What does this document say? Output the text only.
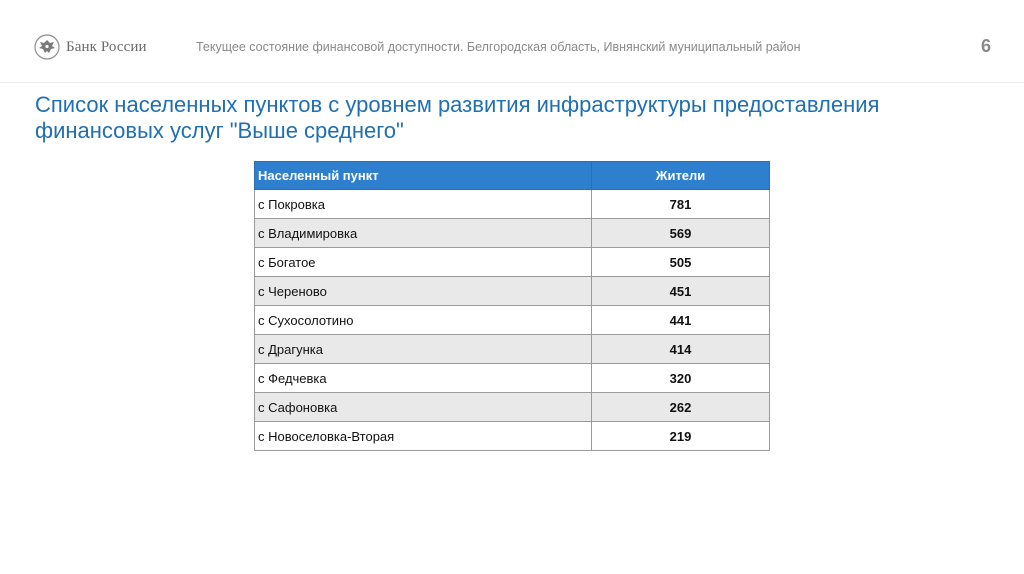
Банк России	Текущее состояние финансовой доступности. Белгородская область, Ивнянский муниципальный район	6
Список населенных пунктов с уровнем развития инфраструктуры предоставления финансовых услуг "Выше среднего"
Населенный пункт	Жители
с Покровка	781
с Владимировка	569
с Богатое	505
с Череново	451
с Сухосолотино	441
с Драгунка	414
с Федчевка	320
с Сафоновка	262
с Новоселовка-Вторая	219
